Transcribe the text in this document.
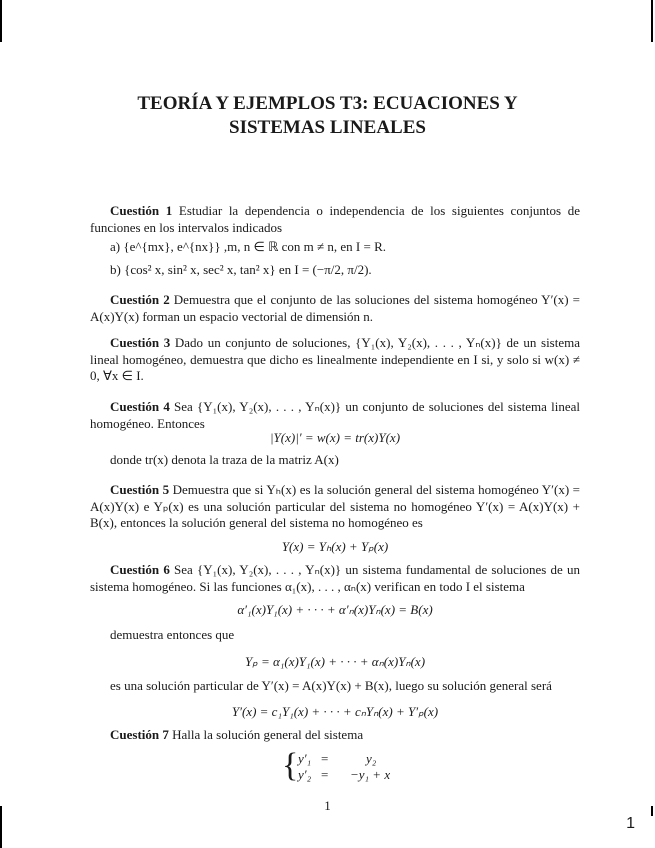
TEORÍA Y EJEMPLOS T3: ECUACIONES Y
SISTEMAS LINEALES
Cuestión 1 Estudiar la dependencia o independencia de los siguientes conjuntos de funciones en los intervalos indicados
a) {e^{mx}, e^{nx}} ,m, n ∈ ℝ con m ≠ n, en I = R.
b) {cos² x, sin² x, sec² x, tan² x} en I = (−π/2, π/2).
Cuestión 2 Demuestra que el conjunto de las soluciones del sistema homogéneo Y′(x) = A(x)Y(x) forman un espacio vectorial de dimensión n.
Cuestión 3 Dado un conjunto de soluciones, {Y₁(x), Y₂(x), . . . , Yₙ(x)} de un sistema lineal homogéneo, demuestra que dicho es linealmente independiente en I si, y solo si w(x) ≠ 0, ∀x ∈ I.
Cuestión 4 Sea {Y₁(x), Y₂(x), . . . , Yₙ(x)} un conjunto de soluciones del sistema lineal homogéneo. Entonces
|Y(x)|′ = w(x) = tr(x)Y(x)
donde tr(x) denota la traza de la matriz A(x)
Cuestión 5 Demuestra que si Yₕ(x) es la solución general del sistema homogéneo Y′(x) = A(x)Y(x) e Yₚ(x) es una solución particular del sistema no homogéneo Y′(x) = A(x)Y(x) + B(x), entonces la solución general del sistema no homogéneo es
Y(x) = Yₕ(x) + Yₚ(x)
Cuestión 6 Sea {Y₁(x), Y₂(x), . . . , Yₙ(x)} un sistema fundamental de soluciones de un sistema homogéneo. Si las funciones α₁(x), . . . , αₙ(x) verifican en todo I el sistema
α′₁(x)Y₁(x) + · · · + α′ₙ(x)Yₙ(x) = B(x)
demuestra entonces que
Yₚ = α₁(x)Y₁(x) + · · · + αₙ(x)Yₙ(x)
es una solución particular de Y′(x) = A(x)Y(x) + B(x), luego su solución general será
Y′(x) = c₁Y₁(x) + · · · + cₙYₙ(x) + Y′ₚ(x)
Cuestión 7 Halla la solución general del sistema
{ y′₁ =	y₂
y′₂ = −y₁ + x
1
1
